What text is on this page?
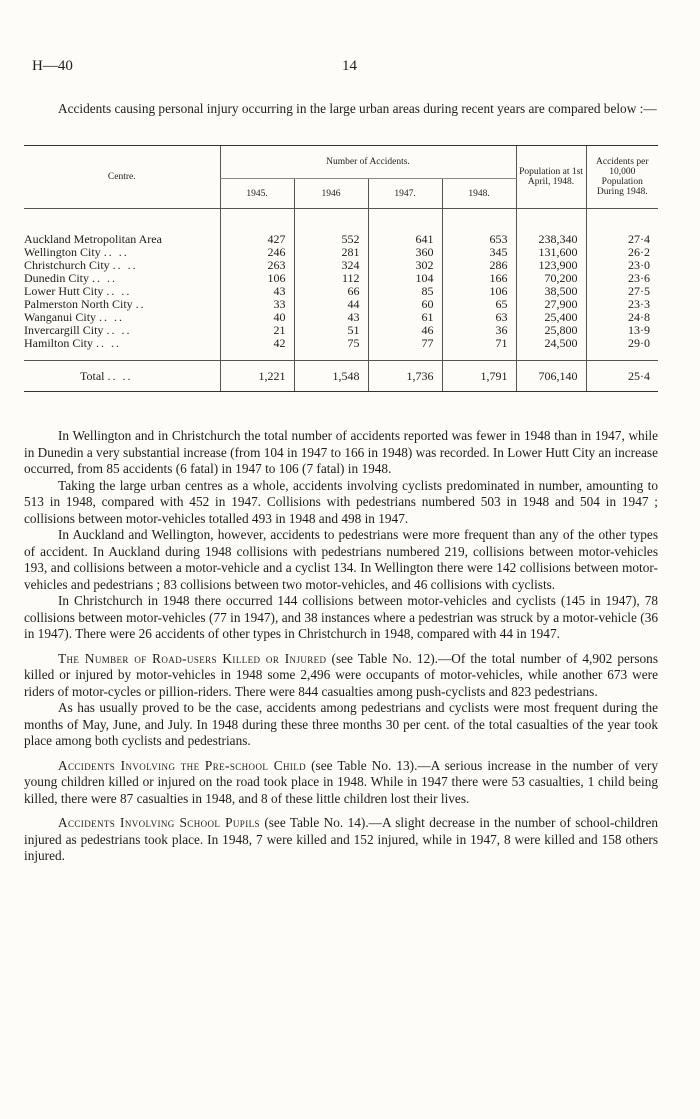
H—40	14
Accidents causing personal injury occurring in the large urban areas during recent years are compared below :—
Centre.	Number of Accidents.				Population at 1st April, 1948.	Accidents per 10,000 Population During 1948.
	1945.	1946	1947.	1948.		
Auckland Metropolitan Area	427	552	641	653	238,340	27·4
Wellington City .. ..	246	281	360	345	131,600	26·2
Christchurch City .. ..	263	324	302	286	123,900	23·0
Dunedin City .. ..	106	112	104	166	70,200	23·6
Lower Hutt City .. ..	43	66	85	106	38,500	27·5
Palmerston North City ..	33	44	60	65	27,900	23·3
Wanganui City .. ..	40	43	61	63	25,400	24·8
Invercargill City .. ..	21	51	46	36	25,800	13·9
Hamilton City .. ..	42	75	77	71	24,500	29·0
Total .. ..	1,221	1,548	1,736	1,791	706,140	25·4

In Wellington and in Christchurch the total number of accidents reported was fewer in 1948 than in 1947, while in Dunedin a very substantial increase (from 104 in 1947 to 166 in 1948) was recorded. In Lower Hutt City an increase occurred, from 85 accidents (6 fatal) in 1947 to 106 (7 fatal) in 1948.

Taking the large urban centres as a whole, accidents involving cyclists predominated in number, amounting to 513 in 1948, compared with 452 in 1947. Collisions with pedestrians numbered 503 in 1948 and 504 in 1947 ; collisions between motor-vehicles totalled 493 in 1948 and 498 in 1947.

In Auckland and Wellington, however, accidents to pedestrians were more frequent than any of the other types of accident. In Auckland during 1948 collisions with pedestrians numbered 219, collisions between motor-vehicles 193, and collisions between a motor-vehicle and a cyclist 134. In Wellington there were 142 collisions between motor-vehicles and pedestrians ; 83 collisions between two motor-vehicles, and 46 collisions with cyclists.

In Christchurch in 1948 there occurred 144 collisions between motor-vehicles and cyclists (145 in 1947), 78 collisions between motor-vehicles (77 in 1947), and 38 instances where a pedestrian was struck by a motor-vehicle (36 in 1947). There were 26 accidents of other types in Christchurch in 1948, compared with 44 in 1947.

The Number of Road-users Killed or Injured (see Table No. 12).—Of the total number of 4,902 persons killed or injured by motor-vehicles in 1948 some 2,496 were occupants of motor-vehicles, while another 673 were riders of motor-cycles or pillion-riders. There were 844 casualties among push-cyclists and 823 pedestrians.

As has usually proved to be the case, accidents among pedestrians and cyclists were most frequent during the months of May, June, and July. In 1948 during these three months 30 per cent. of the total casualties of the year took place among both cyclists and pedestrians.

Accidents Involving the Pre-school Child (see Table No. 13).—A serious increase in the number of very young children killed or injured on the road took place in 1948. While in 1947 there were 53 casualties, 1 child being killed, there were 87 casualties in 1948, and 8 of these little children lost their lives.

Accidents Involving School Pupils (see Table No. 14).—A slight decrease in the number of school-children injured as pedestrians took place. In 1948, 7 were killed and 152 injured, while in 1947, 8 were killed and 158 others injured.
